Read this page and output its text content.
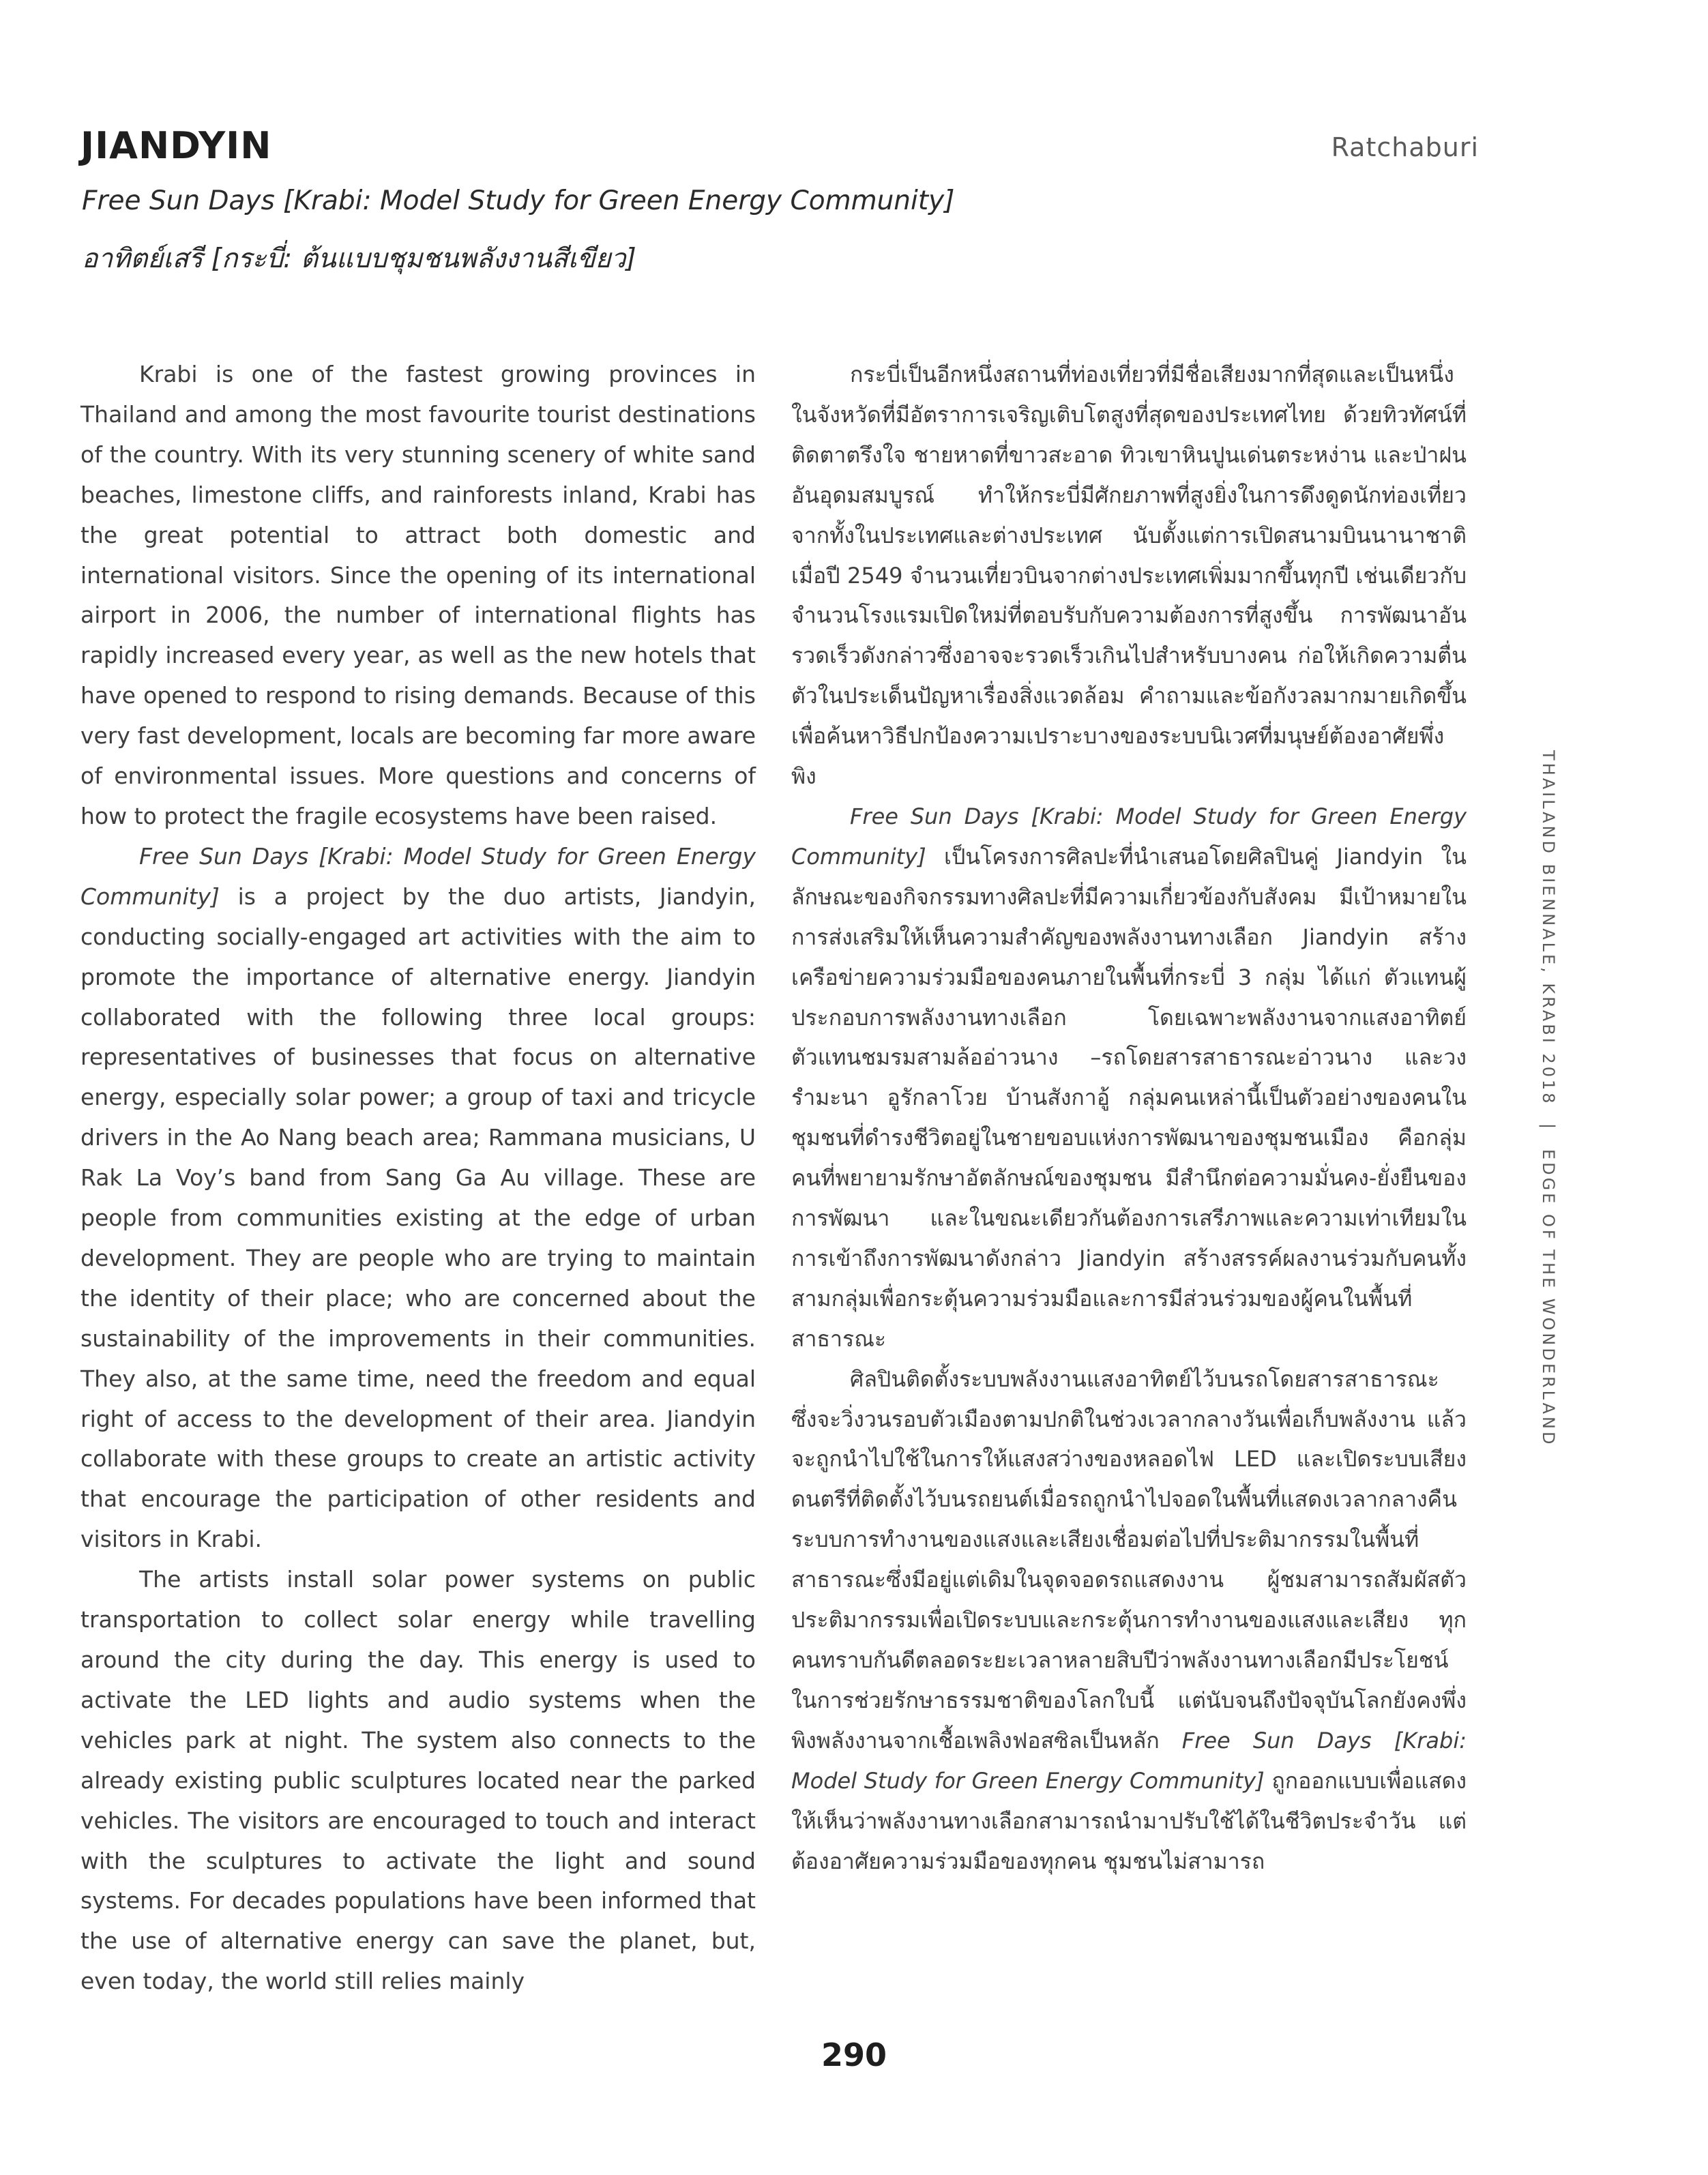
JIANDYIN	Ratchaburi
Free Sun Days [Krabi: Model Study for Green Energy Community]
อาทิตย์เสรี [กระบี่: ต้นแบบชุมชนพลังงานสีเขียว]

Krabi is one of the fastest growing provinces in Thailand and among the most favourite tourist destinations of the country. With its very stunning scenery of white sand beaches, limestone cliffs, and rainforests inland, Krabi has the great potential to attract both domestic and international visitors. Since the opening of its international airport in 2006, the number of international flights has rapidly increased every year, as well as the new hotels that have opened to respond to rising demands. Because of this very fast development, locals are becoming far more aware of environmental issues. More questions and concerns of how to protect the fragile ecosystems have been raised.

Free Sun Days [Krabi: Model Study for Green Energy Community] is a project by the duo artists, Jiandyin, conducting socially-engaged art activities with the aim to promote the importance of alternative energy. Jiandyin collaborated with the following three local groups: representatives of businesses that focus on alternative energy, especially solar power; a group of taxi and tricycle drivers in the Ao Nang beach area; Rammana musicians, U Rak La Voy’s band from Sang Ga Au village. These are people from communities existing at the edge of urban development. They are people who are trying to maintain the identity of their place; who are concerned about the sustainability of the improvements in their communities. They also, at the same time, need the freedom and equal right of access to the development of their area. Jiandyin collaborate with these groups to create an artistic activity that encourage the participation of other residents and visitors in Krabi.

The artists install solar power systems on public transportation to collect solar energy while travelling around the city during the day. This energy is used to activate the LED lights and audio systems when the vehicles park at night. The system also connects to the already existing public sculptures located near the parked vehicles. The visitors are encouraged to touch and interact with the sculptures to activate the light and sound systems. For decades populations have been informed that the use of alternative energy can save the planet, but, even today, the world still relies mainly

กระบี่เป็นอีกหนึ่งสถานที่ท่องเที่ยวที่มีชื่อเสียงมากที่สุดและเป็นหนึ่งในจังหวัดที่มีอัตราการเจริญเติบโตสูงที่สุดของประเทศไทย ด้วยทิวทัศน์ที่ติดตาตรึงใจ ชายหาดที่ขาวสะอาด ทิวเขาหินปูนเด่นตระหง่าน และป่าฝนอันอุดมสมบูรณ์ ทำให้กระบี่มีศักยภาพที่สูงยิ่งในการดึงดูดนักท่องเที่ยวจากทั้งในประเทศและต่างประเทศ นับตั้งแต่การเปิดสนามบินนานาชาติเมื่อปี 2549 จำนวนเที่ยวบินจากต่างประเทศเพิ่มมากขึ้นทุกปี เช่นเดียวกับจำนวนโรงแรมเปิดใหม่ที่ตอบรับกับความต้องการที่สูงขึ้น การพัฒนาอันรวดเร็วดังกล่าวซึ่งอาจจะรวดเร็วเกินไปสำหรับบางคน ก่อให้เกิดความตื่นตัวในประเด็นปัญหาเรื่องสิ่งแวดล้อม คำถามและข้อกังวลมากมายเกิดขึ้นเพื่อค้นหาวิธีปกป้องความเปราะบางของระบบนิเวศที่มนุษย์ต้องอาศัยพึ่งพิง

Free Sun Days [Krabi: Model Study for Green Energy Community] เป็นโครงการศิลปะที่นำเสนอโดยศิลปินคู่ Jiandyin ในลักษณะของกิจกรรมทางศิลปะที่มีความเกี่ยวข้องกับสังคม มีเป้าหมายในการส่งเสริมให้เห็นความสำคัญของพลังงานทางเลือก Jiandyin สร้างเครือข่ายความร่วมมือของคนภายในพื้นที่กระบี่ 3 กลุ่ม ได้แก่ ตัวแทนผู้ประกอบการพลังงานทางเลือก โดยเฉพาะพลังงานจากแสงอาทิตย์ ตัวแทนชมรมสามล้ออ่าวนาง –รถโดยสารสาธารณะอ่าวนาง และวงรำมะนา อูรักลาโวย บ้านสังกาอู้ กลุ่มคนเหล่านี้เป็นตัวอย่างของคนในชุมชนที่ดำรงชีวิตอยู่ในชายขอบแห่งการพัฒนาของชุมชนเมือง คือกลุ่มคนที่พยายามรักษาอัตลักษณ์ของชุมชน มีสำนึกต่อความมั่นคง-ยั่งยืนของการพัฒนา และในขณะเดียวกันต้องการเสรีภาพและความเท่าเทียมในการเข้าถึงการพัฒนาดังกล่าว Jiandyin สร้างสรรค์ผลงานร่วมกับคนทั้งสามกลุ่มเพื่อกระตุ้นความร่วมมือและการมีส่วนร่วมของผู้คนในพื้นที่สาธารณะ

ศิลปินติดตั้งระบบพลังงานแสงอาทิตย์ไว้บนรถโดยสารสาธารณะ ซึ่งจะวิ่งวนรอบตัวเมืองตามปกติในช่วงเวลากลางวันเพื่อเก็บพลังงาน แล้วจะถูกนำไปใช้ในการให้แสงสว่างของหลอดไฟ LED และเปิดระบบเสียงดนตรีที่ติดตั้งไว้บนรถยนต์เมื่อรถถูกนำไปจอดในพื้นที่แสดงเวลากลางคืน ระบบการทำงานของแสงและเสียงเชื่อมต่อไปที่ประติมากรรมในพื้นที่สาธารณะซึ่งมีอยู่แต่เดิมในจุดจอดรถแสดงงาน ผู้ชมสามารถสัมผัสตัวประติมากรรมเพื่อเปิดระบบและกระตุ้นการทำงานของแสงและเสียง ทุกคนทราบกันดีตลอดระยะเวลาหลายสิบปีว่าพลังงานทางเลือกมีประโยชน์ในการช่วยรักษาธรรมชาติของโลกใบนี้ แต่นับจนถึงปัจจุบันโลกยังคงพึ่งพิงพลังงานจากเชื้อเพลิงฟอสซิลเป็นหลัก Free Sun Days [Krabi: Model Study for Green Energy Community] ถูกออกแบบเพื่อแสดงให้เห็นว่าพลังงานทางเลือกสามารถนำมาปรับใช้ได้ในชีวิตประจำวัน แต่ต้องอาศัยความร่วมมือของทุกคน ชุมชนไม่สามารถ

THAILAND BIENNALE, KRABI 2018 | EDGE OF THE WONDERLAND
290
